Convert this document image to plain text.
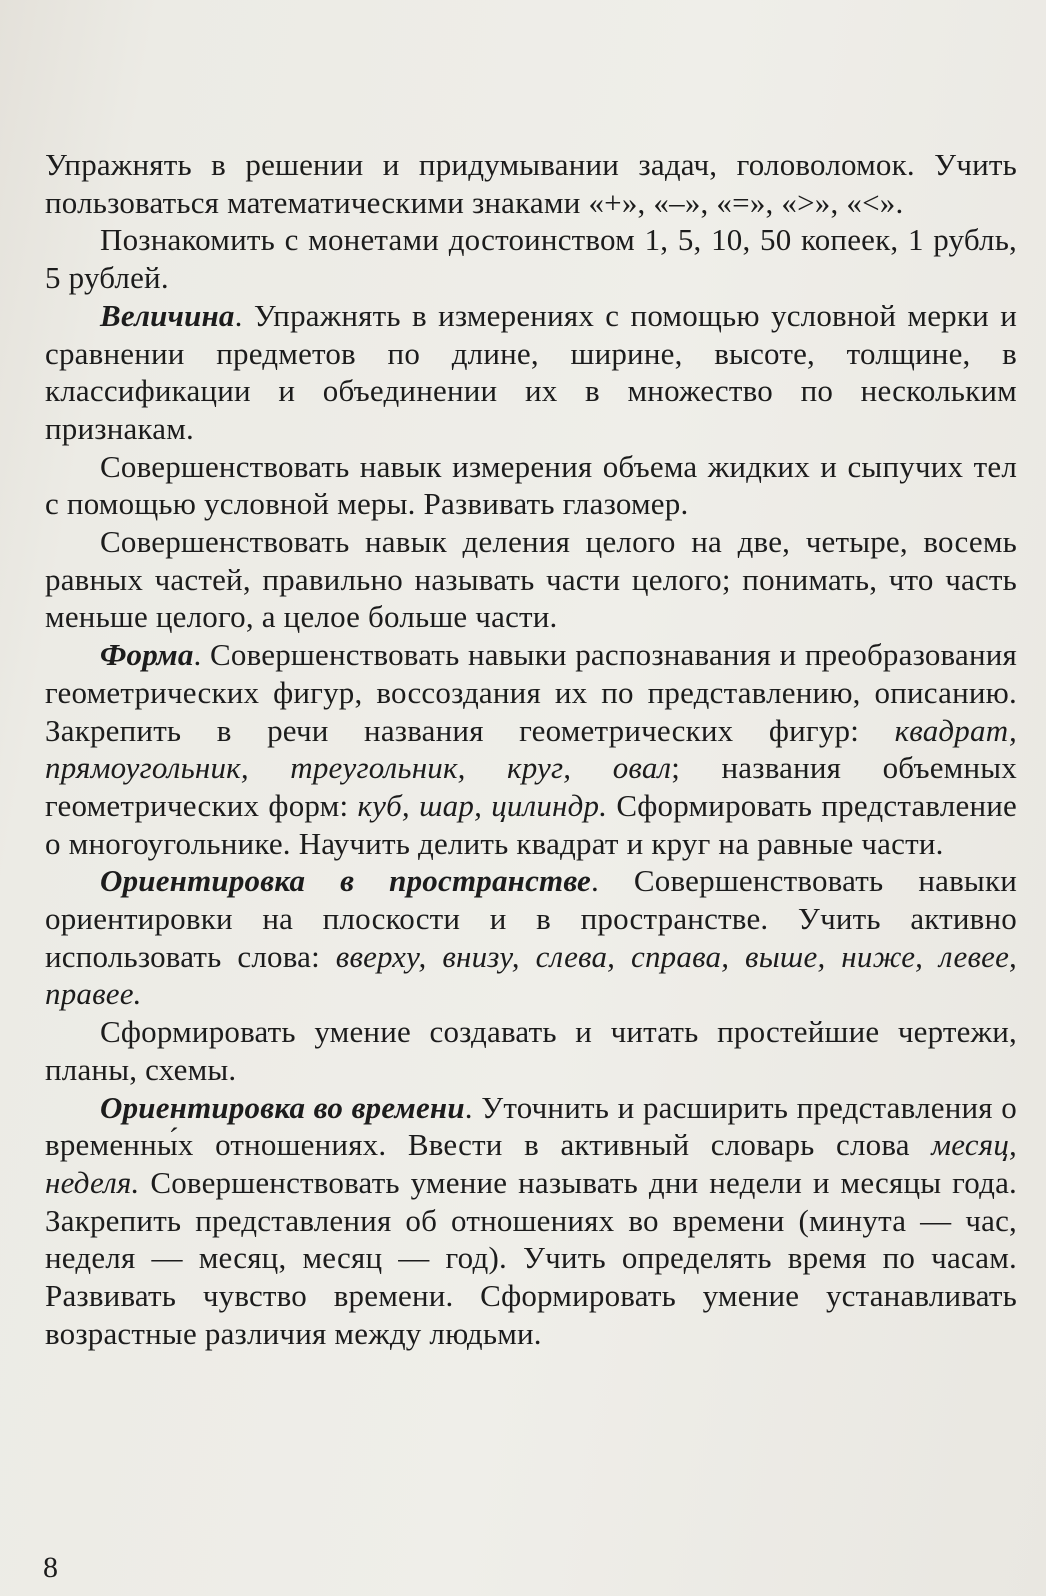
Упражнять в решении и придумывании задач, головоломок. Учить пользоваться математическими знаками «+», «–», «=», «>», «<».

Познакомить с монетами достоинством 1, 5, 10, 50 копеек, 1 рубль, 5 рублей.

Величина. Упражнять в измерениях с помощью условной мерки и сравнении предметов по длине, ширине, высоте, толщине, в классификации и объединении их в множество по нескольким признакам.

Совершенствовать навык измерения объема жидких и сыпучих тел с помощью условной меры. Развивать глазомер.

Совершенствовать навык деления целого на две, четыре, восемь равных частей, правильно называть части целого; понимать, что часть меньше целого, а целое больше части.

Форма. Совершенствовать навыки распознавания и преобразования геометрических фигур, воссоздания их по представлению, описанию. Закрепить в речи названия геометрических фигур: квадрат, прямоугольник, треугольник, круг, овал; названия объемных геометрических форм: куб, шар, цилиндр. Сформировать представление о многоугольнике. Научить делить квадрат и круг на равные части.

Ориентировка в пространстве. Совершенствовать навыки ориентировки на плоскости и в пространстве. Учить активно использовать слова: вверху, внизу, слева, справа, выше, ниже, левее, правее.

Сформировать умение создавать и читать простейшие чертежи, планы, схемы.

Ориентировка во времени. Уточнить и расширить представления о временны́х отношениях. Ввести в активный словарь слова месяц, неделя. Совершенствовать умение называть дни недели и месяцы года. Закрепить представления об отношениях во времени (минута — час, неделя — месяц, месяц — год). Учить определять время по часам. Развивать чувство времени. Сформировать умение устанавливать возрастные различия между людьми.

8
